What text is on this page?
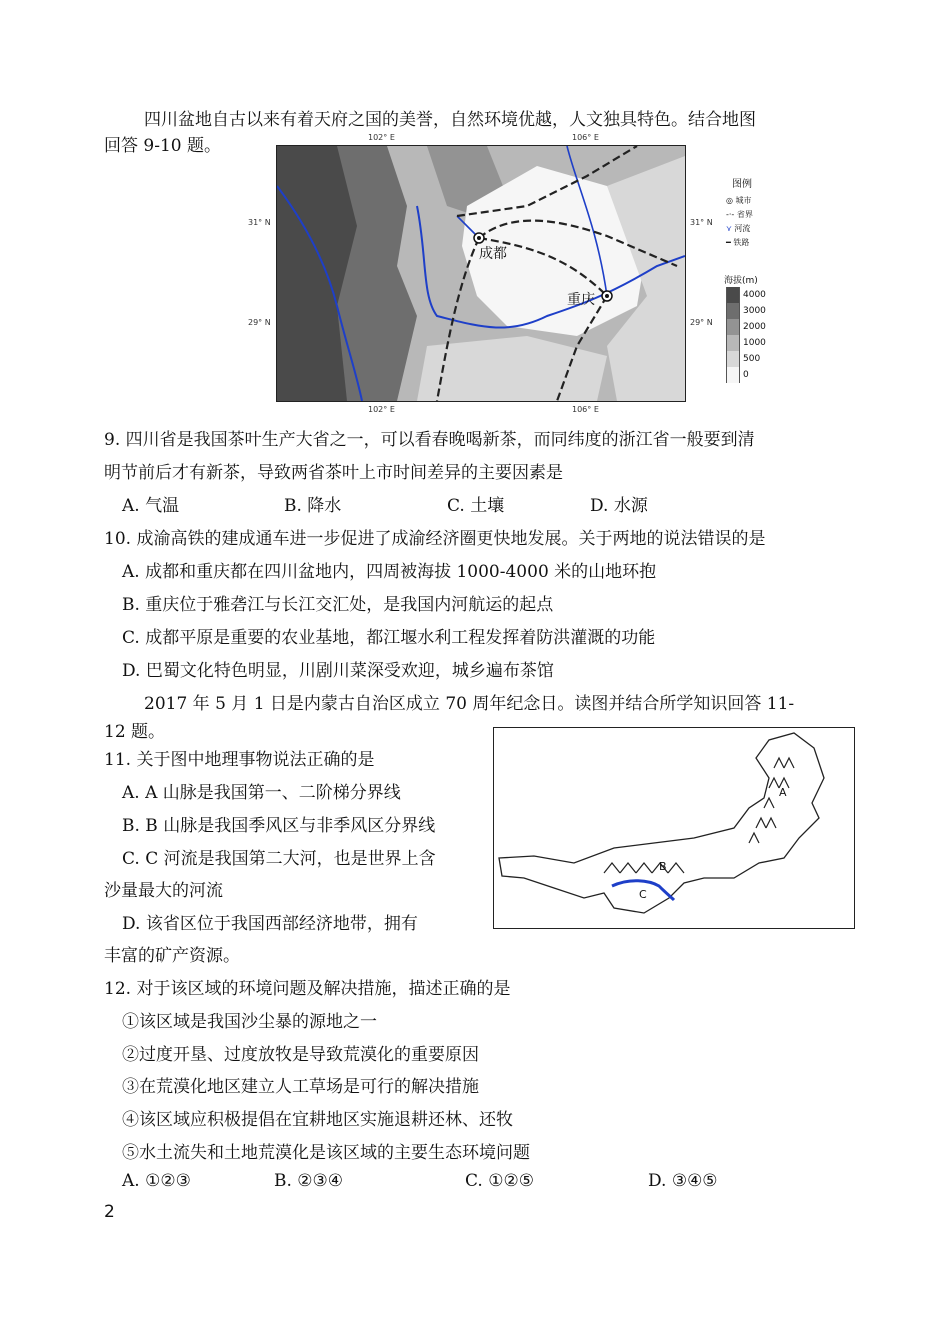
四川盆地自古以来有着天府之国的美誉，自然环境优越，人文独具特色。结合地图
回答 9-10 题。	102° E	106° E
31° N
29° N
31° N
29° N
102° E	106° E
成都
重庆
图例
◎ 城市
-·- 省界
⋎ 河流
━ 铁路
海拔(m)
4000
3000
2000
1000
500
0
9. 四川省是我国茶叶生产大省之一，可以看春晚喝新茶，而同纬度的浙江省一般要到清
明节前后才有新茶，导致两省茶叶上市时间差异的主要因素是
A. 气温	B. 降水	C. 土壤	D. 水源
10. 成渝高铁的建成通车进一步促进了成渝经济圈更快地发展。关于两地的说法错误的是
A. 成都和重庆都在四川盆地内，四周被海拔 1000-4000 米的山地环抱
B. 重庆位于雅砻江与长江交汇处，是我国内河航运的起点
C. 成都平原是重要的农业基地，都江堰水利工程发挥着防洪灌溉的功能
D. 巴蜀文化特色明显，川剧川菜深受欢迎，城乡遍布茶馆
2017 年 5 月 1 日是内蒙古自治区成立 70 周年纪念日。读图并结合所学知识回答 11-
12 题。
A
B
C
11. 关于图中地理事物说法正确的是
A. A 山脉是我国第一、二阶梯分界线
B. B 山脉是我国季风区与非季风区分界线
C. C 河流是我国第二大河，也是世界上含
沙量最大的河流
D. 该省区位于我国西部经济地带，拥有
丰富的矿产资源。
12. 对于该区域的环境问题及解决措施，描述正确的是
①该区域是我国沙尘暴的源地之一
②过度开垦、过度放牧是导致荒漠化的重要原因
③在荒漠化地区建立人工草场是可行的解决措施
④该区域应积极提倡在宜耕地区实施退耕还林、还牧
⑤水土流失和土地荒漠化是该区域的主要生态环境问题
A. ①②③	B. ②③④	C. ①②⑤	D. ③④⑤
2
